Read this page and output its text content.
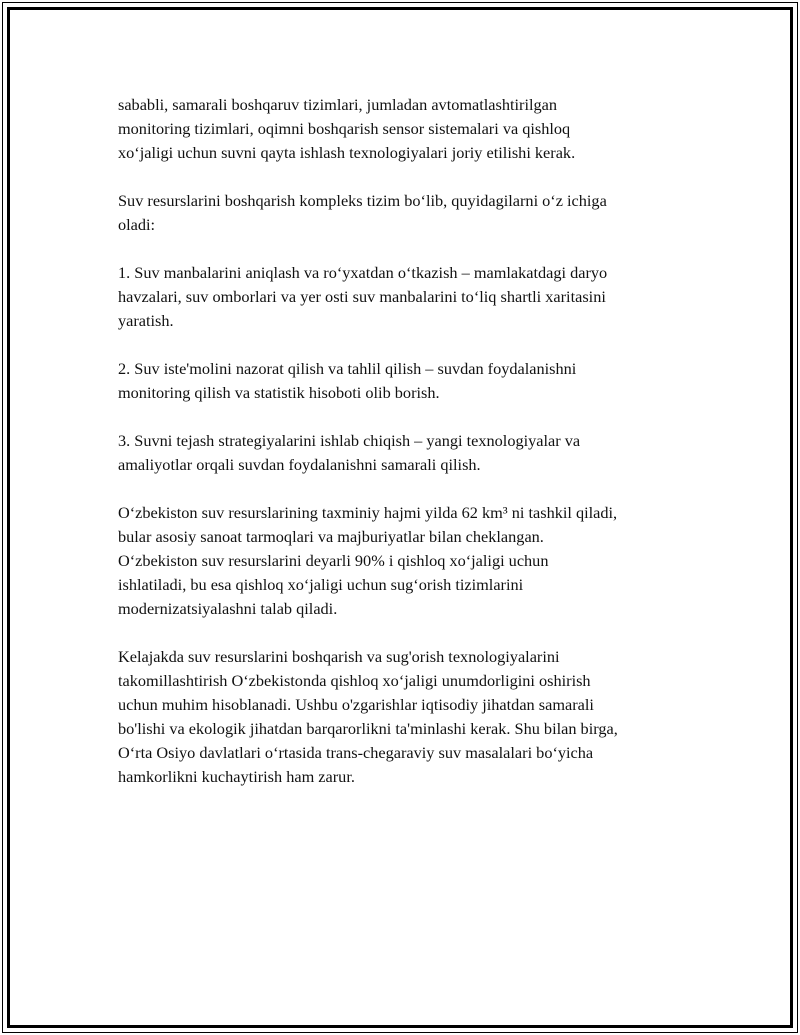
sababli, samarali boshqaruv tizimlari, jumladan avtomatlashtirilgan
monitoring tizimlari, oqimni boshqarish sensor sistemalari va qishloq
xo‘jaligi uchun suvni qayta ishlash texnologiyalari joriy etilishi kerak.

Suv resurslarini boshqarish kompleks tizim bo‘lib, quyidagilarni o‘z ichiga
oladi:

1. Suv manbalarini aniqlash va ro‘yxatdan o‘tkazish – mamlakatdagi daryo
havzalari, suv omborlari va yer osti suv manbalarini to‘liq shartli xaritasini
yaratish.

2. Suv iste'molini nazorat qilish va tahlil qilish – suvdan foydalanishni
monitoring qilish va statistik hisoboti olib borish.

3. Suvni tejash strategiyalarini ishlab chiqish – yangi texnologiyalar va
amaliyotlar orqali suvdan foydalanishni samarali qilish.

O‘zbekiston suv resurslarining taxminiy hajmi yilda 62 km³ ni tashkil qiladi,
bular asosiy sanoat tarmoqlari va majburiyatlar bilan cheklangan.
O‘zbekiston suv resurslarini deyarli 90% i qishloq xo‘jaligi uchun
ishlatiladi, bu esa qishloq xo‘jaligi uchun sug‘orish tizimlarini
modernizatsiyalashni talab qiladi.

Kelajakda suv resurslarini boshqarish va sug'orish texnologiyalarini
takomillashtirish O‘zbekistonda qishloq xo‘jaligi unumdorligini oshirish
uchun muhim hisoblanadi. Ushbu o'zgarishlar iqtisodiy jihatdan samarali
bo'lishi va ekologik jihatdan barqarorlikni ta'minlashi kerak. Shu bilan birga,
O‘rta Osiyo davlatlari o‘rtasida trans-chegaraviy suv masalalari bo‘yicha
hamkorlikni kuchaytirish ham zarur.
